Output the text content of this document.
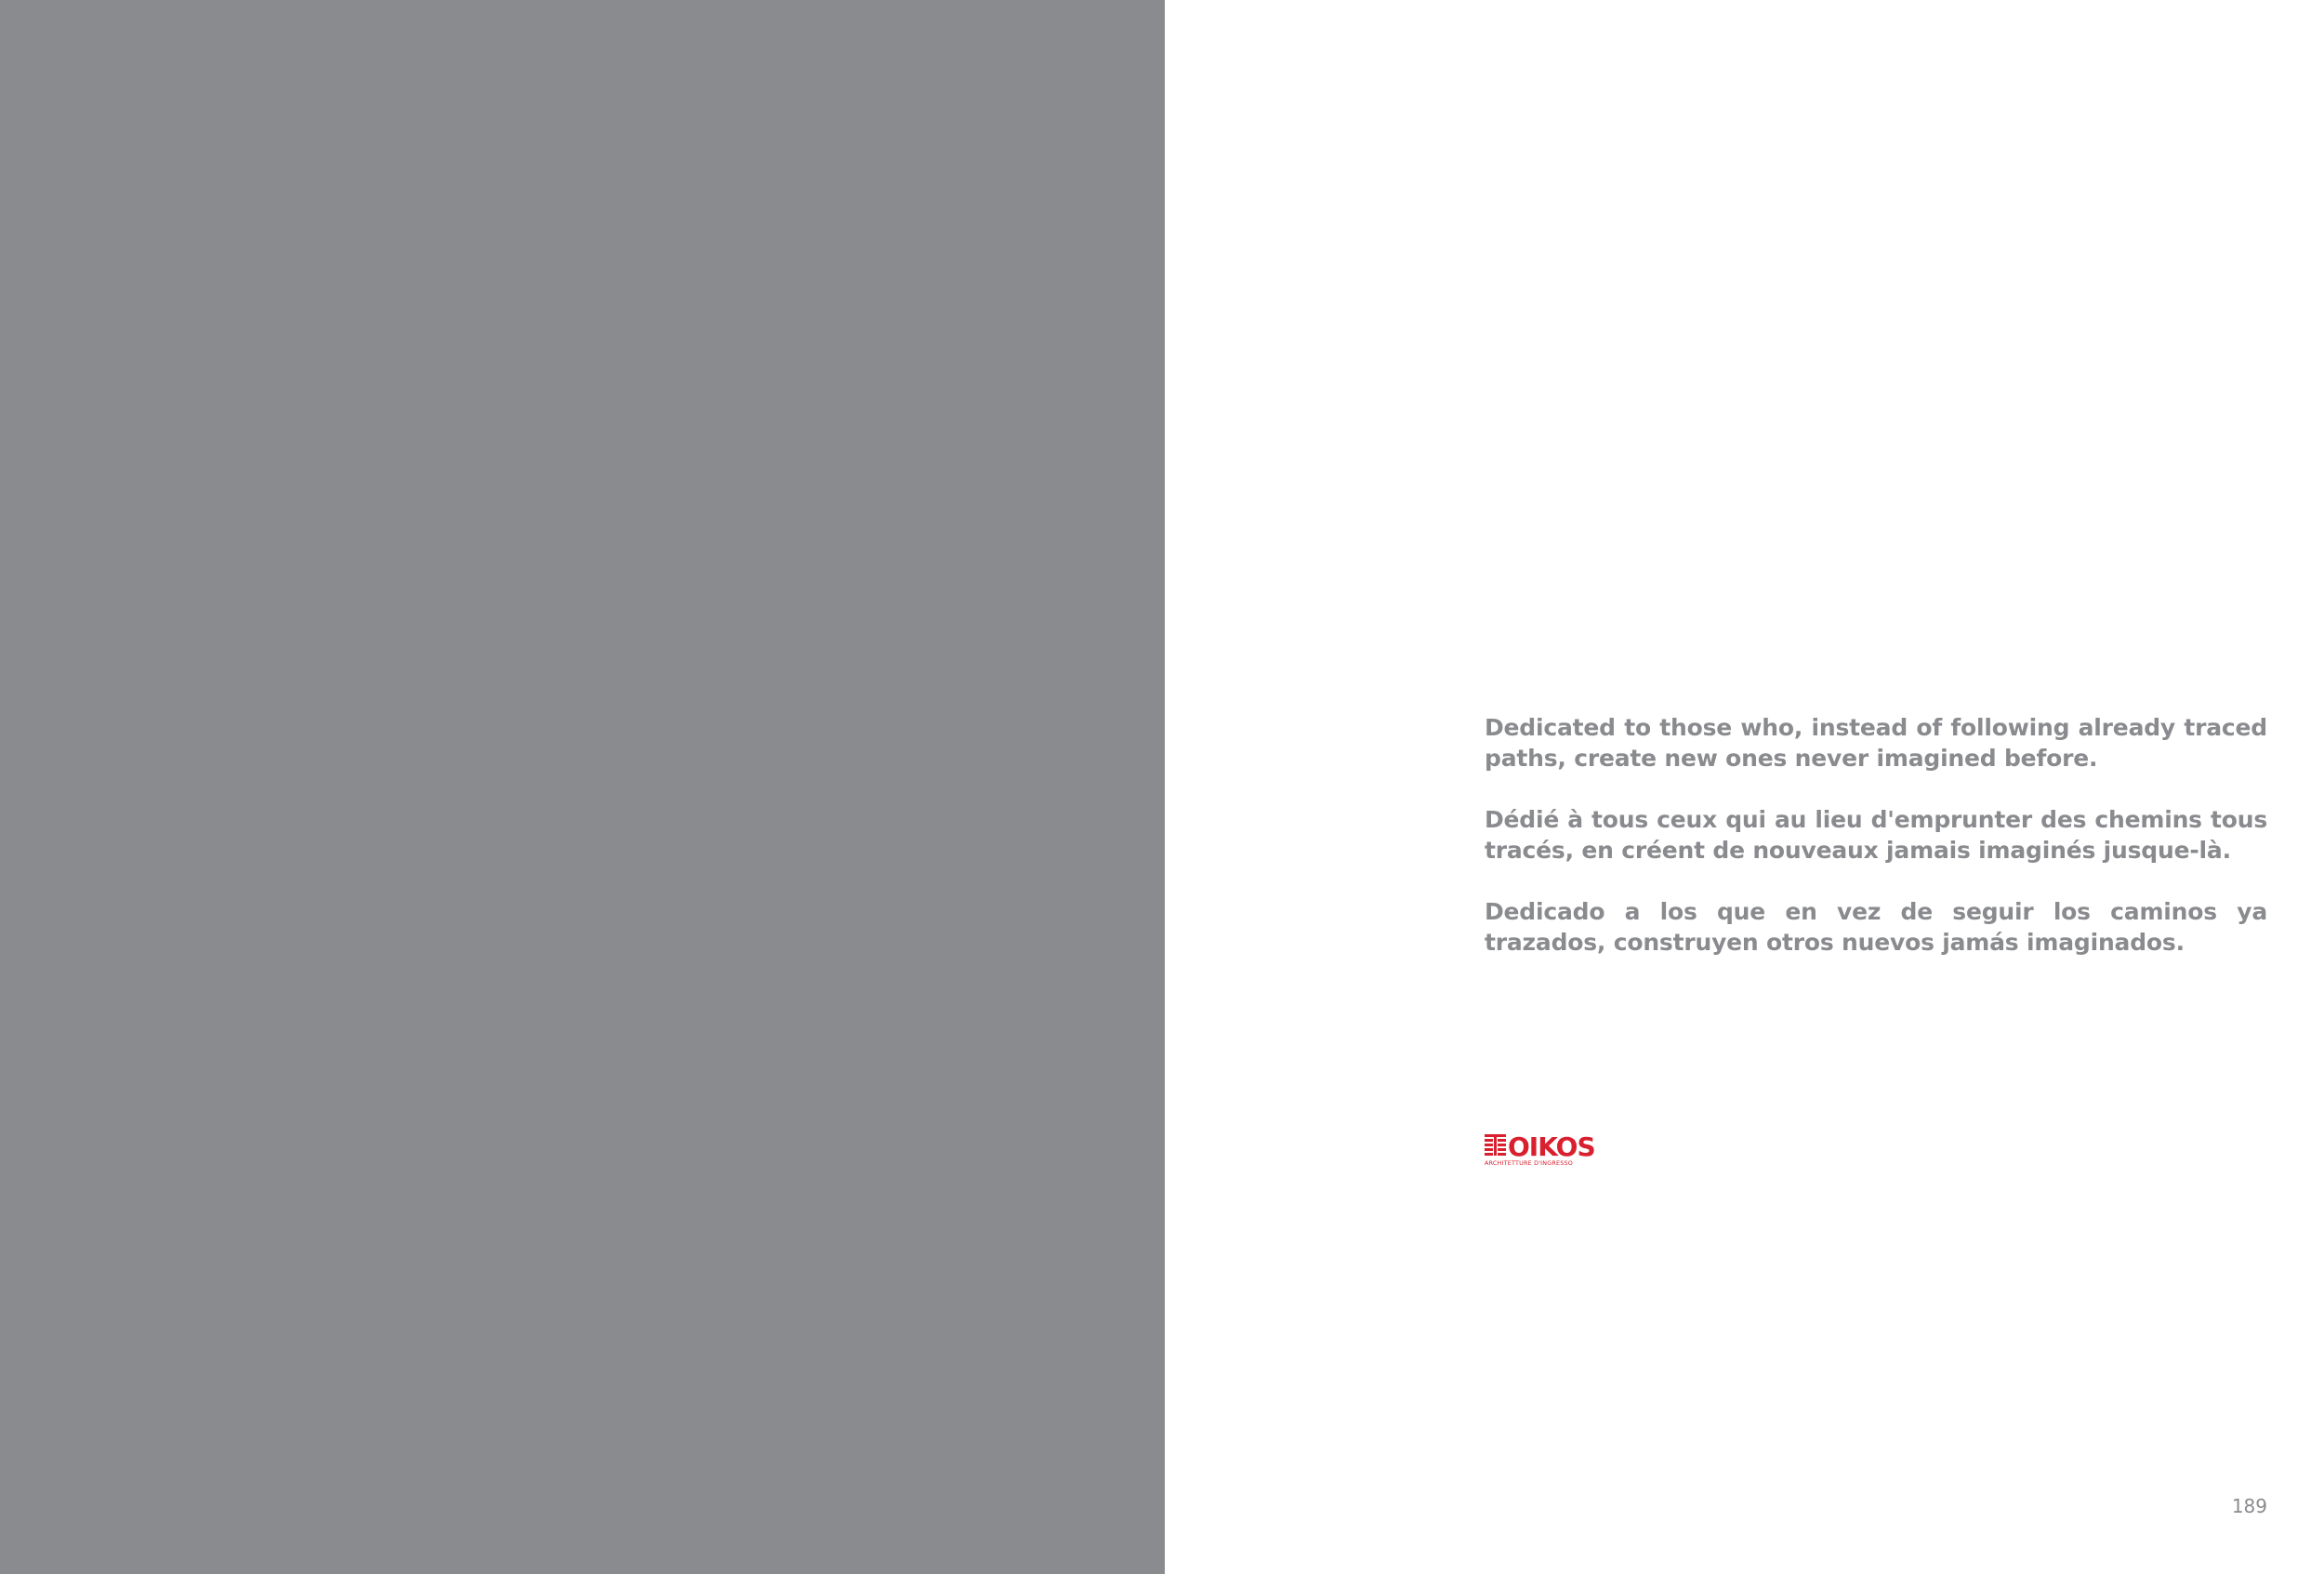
Dedicated to those who, instead of following already traced paths, create new ones never imagined before.

Dédié à tous ceux qui au lieu d'emprunter des chemins tous tracés, en créent de nouveaux jamais imaginés jusque-là.

Dedicado a los que en vez de seguir los caminos ya trazados, construyen otros nuevos jamás imaginados.

OIKOS
ARCHITETTURE D'INGRESSO
189
